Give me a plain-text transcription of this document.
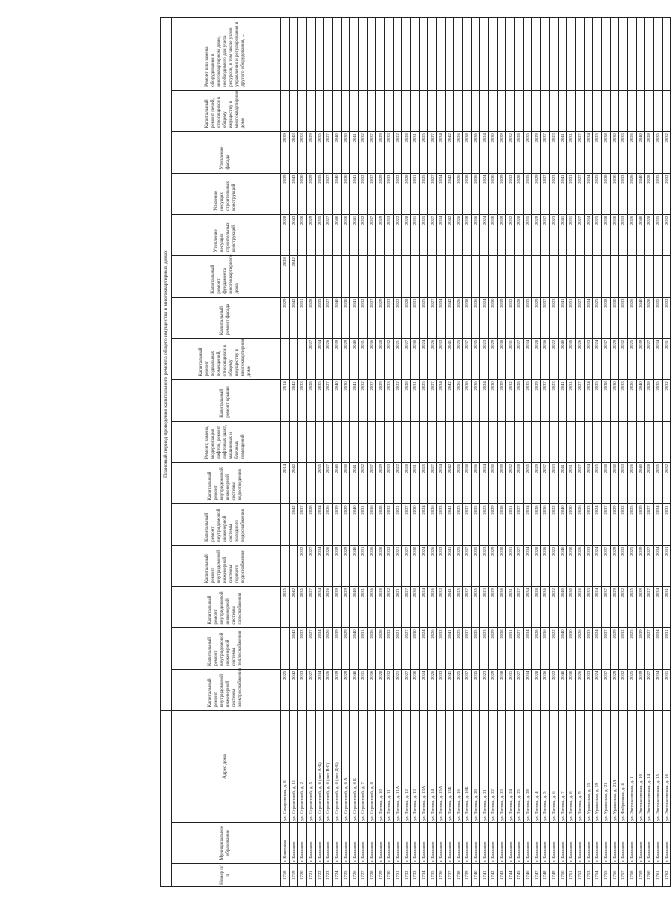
			Плановый период проведения капитального ремонта общего имущества в многоквартирных домах															
Номер п/п	Муниципальное образование	Адрес дома	Капитальный ремонт внутридомовой инженерной системы электроснабжения	Капитальный ремонт внутридомовой инженерной системы теплоснабжения	Капитальный ремонт внутридомовой инженерной системы газоснабжения	Капитальный ремонт внутридомовой инженерной системы горячего водоснабжения	Капитальный ремонт внутридомовой инженерной системы холодного водоснабжения	Капитальный ремонт внутридомовой инженерной системы водоотведения	Ремонт, замена, модернизация лифтов, ремонт лифтовых шахт, машинных и блочных помещений	Капитальный ремонт крыши	Капитальный ремонт подвальных помещений, относящихся к общему имуществу в многоквартирном доме	Капитальный ремонт фасада	Капитальный ремонт фундамента многоквартирного дома	Утепление несущих строительных конструкций	Усиление несущих строительных конструкций	Утепление фасада	Капитальный ремонт печей, относящихся к общему имуществу в многоквартирном доме	Ремонт или замена оборудования в многоквартирном доме, необходимого для учета ресурсов, в том числе узлов управления и регулирования и другого оборудования, ...
1718	г. Кинешма	ул. Сахаровская, д. 8	2025		2025			2014		2014		2029	2028	2028	2039	2039		
1719	г. Балашов	ул. Строителей, д. 11	2042	2042	2042		2042	2042		2042		2042	2042	2043	2043	2043		
1720	г. Балашов	ул. Строителей, д. 2	2033	2033	2035	2032	2037			2033		2031		2030	2030	2033		
1721	г. Балашов	ул. Строителей, д. 5	2027	2027	2027	2027	2028			2028	2027	2028		2029	2029	2029		
1722	г. Балашов	ул. Строителей, д. 6 (лит А-Б)	2034	2034	2034	2034	2034	2035		2035	2034	2035		2035	2035	2035		
1723	г. Балашов	ул. Строителей, д. 6 (лит В-Г)	2026	2026	2026	2026	2026	2027		2027	2026	2027		2027	2027	2027		
1724	г. Балашов	ул. Строителей, д. 6 (лит Д-Е)	2039	2039	2039	2039	2039	2040		2040	2039	2040		2040	2040	2040		
1725	г. Балашов	ул. Строителей, д. 6 А	2029	2029	2029	2029	2029	2030		2030	2029	2030		2030	2030	2030		
1726	г. Балашов	ул. Строителей, д. 6 Б	2040	2040	2040	2040	2040	2041		2041	2040	2041		2041	2041	2041		
1727	г. Балашов	ул. Строителей, д. 7	2031	2031	2031	2031	2031	2032		2032	2031	2032		2032	2032	2032		
1728	г. Балашов	ул. Строителей, д. 8	2036	2036	2036	2036	2036	2037		2037	2036	2037		2037	2037	2037		
1729	г. Балашов	ул. Титова, д. 10	2028	2028	2028	2028	2028	2029		2029	2028	2029		2029	2029	2029		
1730	г. Балашов	ул. Титова, д. 11	2032	2032	2032	2032	2032	2033		2033	2032	2033		2033	2033	2033		
1731	г. Балашов	ул. Титова, д. 11А	2021	2021	2021	2021	2021	2022		2022	2021	2022		2022	2022	2022		
1732	г. Балашов	ул. Титова, д. 12	2027	2027	2027	2027	2027	2028		2028	2027	2028		2028	2028	2028		
1733	г. Балашов	ул. Титова, д. 13	2030	2030	2030	2030	2030	2031		2031	2030	2031		2031	2031	2031		
1734	г. Балашов	ул. Титова, д. 13А	2024	2024	2024	2024	2024	2025		2025	2024	2025		2025	2025	2025		
1735	г. Балашов	ул. Титова, д. 14	2026	2026	2026	2026	2026	2027		2027	2026	2027		2027	2027	2027		
1736	г. Балашов	ул. Титова, д. 15А	2033	2033	2033	2033	2033	2034		2034	2033	2034		2034	2034	2034		
1737	г. Балашов	ул. Титова, д. 15Б	2041	2041	2041	2041	2041	2042		2042	2041	2042		2042	2042	2042		
1738	г. Балашов	ул. Титова, д. 16	2025	2025	2025	2025	2025	2026		2026	2025	2026		2026	2026	2026		
1739	г. Балашов	ул. Титова, д. 16Б	2037	2037	2037	2037	2037	2038		2038	2037	2038		2038	2038	2038		
1740	г. Балашов	ул. Титова, д. 20	2035	2035	2035	2035	2035	2036		2036	2035	2036		2036	2036	2036		
1741	г. Балашов	ул. Титова, д. 21	2023	2023	2023	2023	2023	2024		2024	2023	2024		2024	2024	2024		
1742	г. Балашов	ул. Титова, д. 22	2029	2029	2029	2029	2029	2030		2030	2029	2030		2030	2030	2030		
1743	г. Балашов	ул. Титова, д. 23	2038	2038	2038	2038	2038	2039		2039	2038	2039		2039	2039	2039		
1744	г. Балашов	ул. Титова, д. 24	2031	2031	2031	2031	2031	2032		2032	2031	2032		2032	2032	2032		
1745	г. Балашов	ул. Титова, д. 25	2027	2027	2027	2027	2027	2028		2028	2027	2028		2028	2028	2028		
1746	г. Балашов	ул. Титова, д. 28	2034	2034	2034	2034	2034	2035		2035	2034	2035		2035	2035	2035		
1747	г. Балашов	ул. Титова, д. 4	2028	2028	2028	2028	2028	2029		2029	2028	2029		2029	2029	2029		
1748	г. Балашов	ул. Титова, д. 5	2036	2036	2036	2036	2036	2037		2037	2036	2037		2037	2037	2037		
1749	г. Балашов	ул. Титова, д. 6	2022	2022	2022	2022	2022	2023		2023	2022	2023		2023	2023	2023		
1750	г. Балашов	ул. Титова, д. 7	2040	2040	2040	2040	2040	2041		2041	2040	2041		2041	2041	2041		
1751	г. Балашов	ул. Титова, д. 8	2030	2030	2030	2030	2030	2031		2031	2030	2031		2031	2031	2031		
1752	г. Балашов	ул. Титова, д. 9	2026	2026	2026	2026	2026	2027		2027	2026	2027		2027	2027	2027		
1753	г. Балашов	ул. Уральская, д. 15	2033	2033	2033	2033	2033	2034		2034	2033	2034		2034	2034	2034		
1754	г. Балашов	ул. Уральская, д. 19	2024	2024	2024	2024	2024	2025		2025	2024	2025		2025	2025	2025		
1755	г. Балашов	ул. Уральская, д. 21	2037	2037	2037	2037	2037	2038		2038	2037	2038		2038	2038	2038		
1756	г. Балашов	ул. Уральская, д. 21А	2029	2029	2029	2029	2029	2030		2030	2029	2030		2030	2030	2030		
1757	г. Балашов	ул. Фабричная, д. 4	2032	2032	2032	2032	2032	2033		2033	2032	2033		2033	2033	2033		
1758	г. Балашов	ул. Энгельсовская, д. 1	2025	2025	2025	2025	2025	2026		2026	2025	2026		2026	2026	2026		
1759	г. Балашов	ул. Энгельсовская, д. 10	2039	2039	2039	2039	2039	2040		2040	2039	2040		2040	2040	2040		
1760	г. Балашов	ул. Энгельсовская, д. 14	2027	2027	2027	2027	2027	2028		2028	2027	2028		2028	2028	2028		
1761	г. Балашов	ул. Энгельсовская, д. 15	2034	2034	2034	2034	2034	2035		2035	2034	2035		2035	2035	2035		
1762	г. Балашов	ул. Энгельсовская, д. 16	2031	2031	2031	2031	2031	2032		2032	2031	2032		2032	2032	2032		
